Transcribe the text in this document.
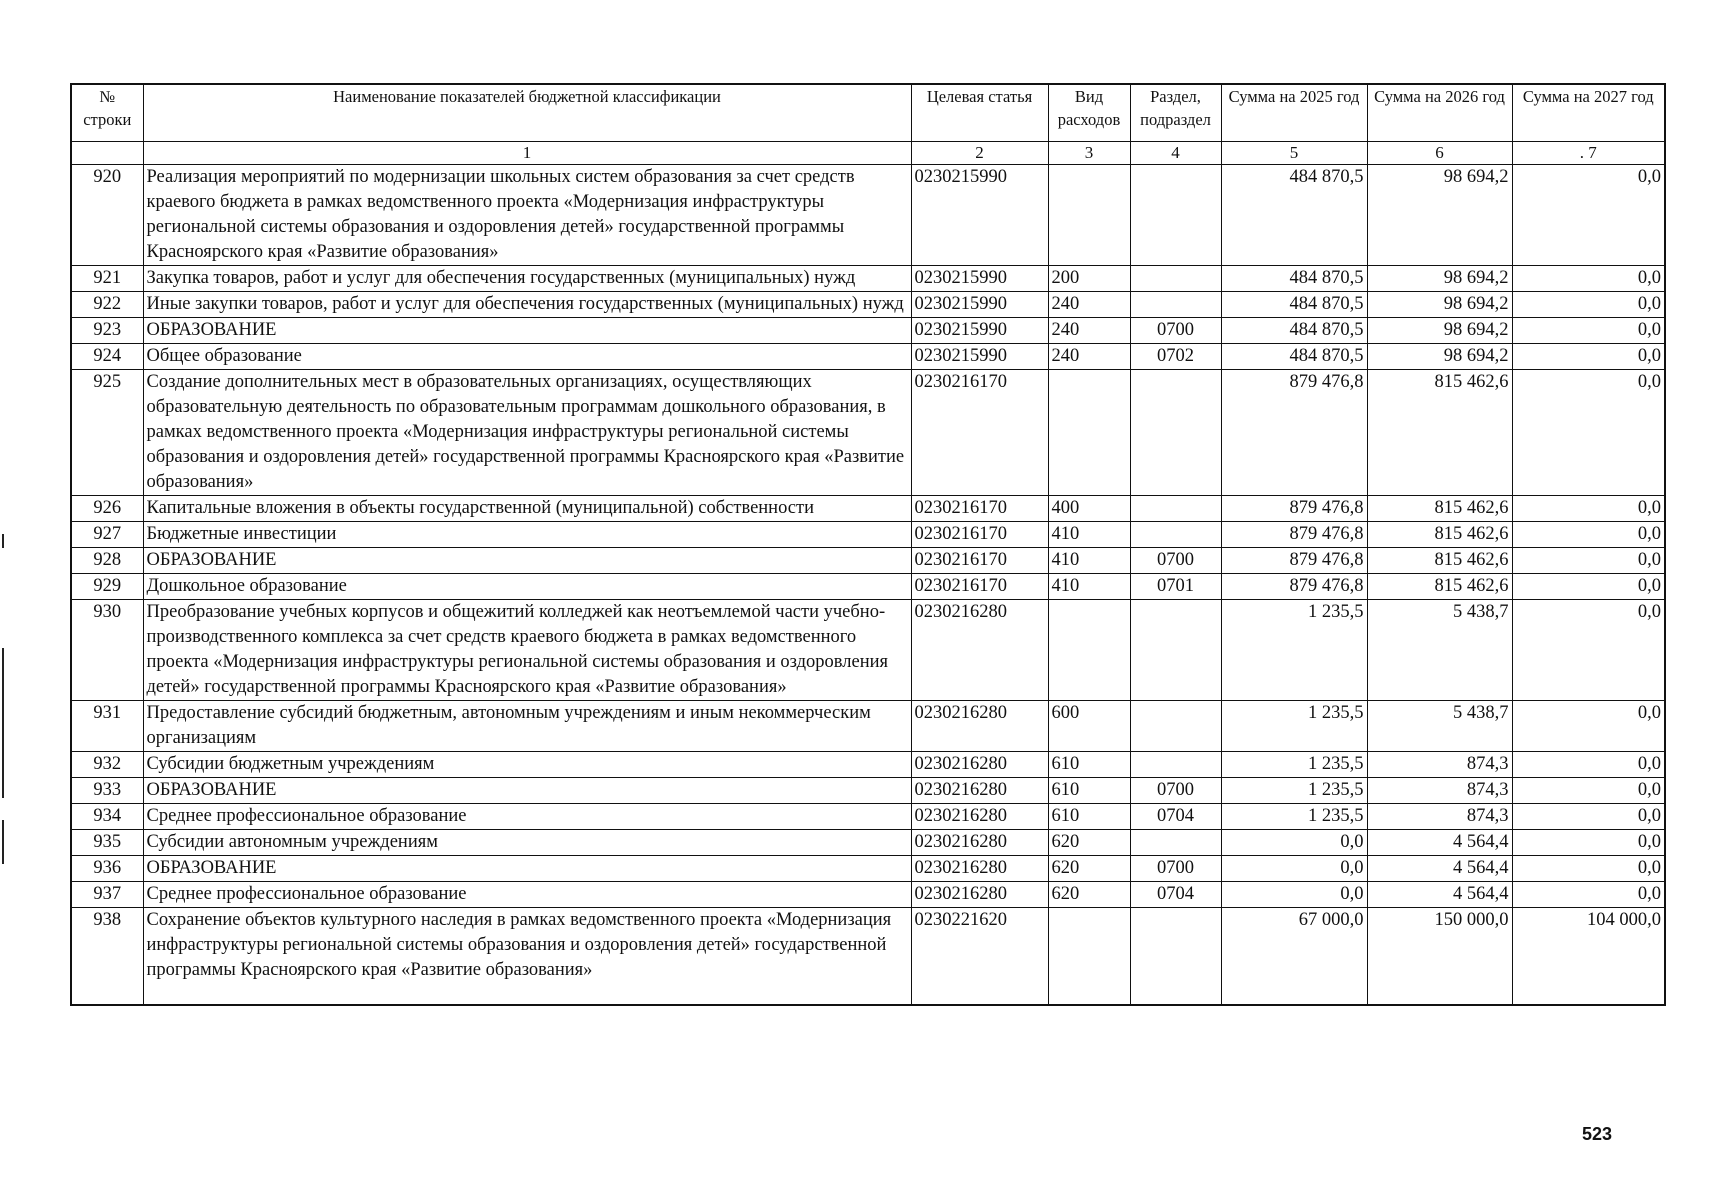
№ строки	Наименование показателей бюджетной классификации	Целевая статья	Вид расходов	Раздел, подраздел	Сумма на 2025 год	Сумма на 2026 год	Сумма на 2027 год
	1	2	3	4	5	6	. 7
920	Реализация мероприятий по модернизации школьных систем образования за счет средств краевого бюджета в рамках ведомственного проекта «Модернизация инфраструктуры региональной системы образования и оздоровления детей» государственной программы Красноярского края «Развитие образования»	0230215990			484 870,5	98 694,2	0,0
921	Закупка товаров, работ и услуг для обеспечения государственных (муниципальных) нужд	0230215990	200		484 870,5	98 694,2	0,0
922	Иные закупки товаров, работ и услуг для обеспечения государственных (муниципальных) нужд	0230215990	240		484 870,5	98 694,2	0,0
923	ОБРАЗОВАНИЕ	0230215990	240	0700	484 870,5	98 694,2	0,0
924	Общее образование	0230215990	240	0702	484 870,5	98 694,2	0,0
925	Создание дополнительных мест в образовательных организациях, осуществляющих образовательную деятельность по образовательным программам дошкольного образования, в рамках ведомственного проекта «Модернизация инфраструктуры региональной системы образования и оздоровления детей» государственной программы Красноярского края «Развитие образования»	0230216170			879 476,8	815 462,6	0,0
926	Капитальные вложения в объекты государственной (муниципальной) собственности	0230216170	400		879 476,8	815 462,6	0,0
927	Бюджетные инвестиции	0230216170	410		879 476,8	815 462,6	0,0
928	ОБРАЗОВАНИЕ	0230216170	410	0700	879 476,8	815 462,6	0,0
929	Дошкольное образование	0230216170	410	0701	879 476,8	815 462,6	0,0
930	Преобразование учебных корпусов и общежитий колледжей как неотъемлемой части учебно-производственного комплекса за счет средств краевого бюджета в рамках ведомственного проекта «Модернизация инфраструктуры региональной системы образования и оздоровления детей» государственной программы Красноярского края «Развитие образования»	0230216280			1 235,5	5 438,7	0,0
931	Предоставление субсидий бюджетным, автономным учреждениям и иным некоммерческим организациям	0230216280	600		1 235,5	5 438,7	0,0
932	Субсидии бюджетным учреждениям	0230216280	610		1 235,5	874,3	0,0
933	ОБРАЗОВАНИЕ	0230216280	610	0700	1 235,5	874,3	0,0
934	Среднее профессиональное образование	0230216280	610	0704	1 235,5	874,3	0,0
935	Субсидии автономным учреждениям	0230216280	620		0,0	4 564,4	0,0
936	ОБРАЗОВАНИЕ	0230216280	620	0700	0,0	4 564,4	0,0
937	Среднее профессиональное образование	0230216280	620	0704	0,0	4 564,4	0,0
938	Сохранение объектов культурного наследия в рамках ведомственного проекта «Модернизация инфраструктуры региональной системы образования и оздоровления детей» государственной программы Красноярского края «Развитие образования»	0230221620			67 000,0	150 000,0	104 000,0
523
